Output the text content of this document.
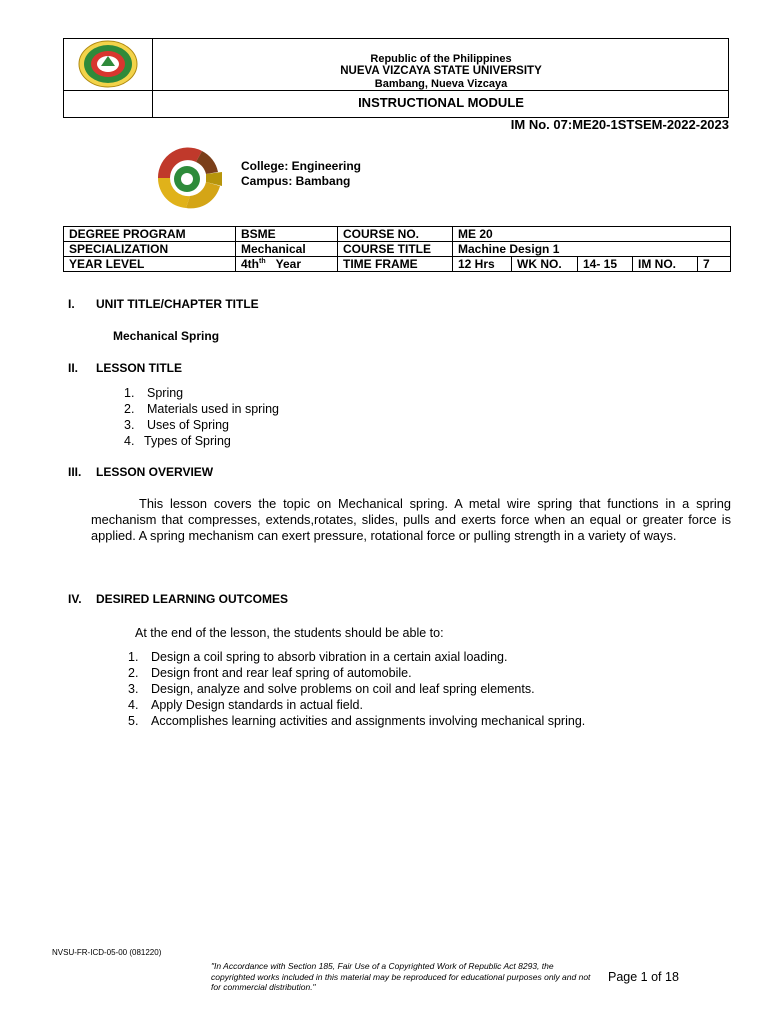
Republic of the Philippines
NUEVA VIZCAYA STATE UNIVERSITY
Bambang, Nueva Vizcaya
INSTRUCTIONAL MODULE
IM No. 07:ME20-1STSEM-2022-2023
College: Engineering
Campus: Bambang
DEGREE PROGRAM	BSME	COURSE NO.	ME 20				
SPECIALIZATION	Mechanical	COURSE TITLE	Machine Design 1				
YEAR LEVEL	$4th^{th}$ Year	TIME FRAME	12 Hrs	WK NO.	14- 15	IM NO.	7
I. UNIT TITLE/CHAPTER TITLE
Mechanical Spring
II. LESSON TITLE
1. Spring
2. Materials used in spring
3. Uses of Spring
4. Types of Spring
III. LESSON OVERVIEW
This lesson covers the topic on Mechanical spring. A metal wire spring that functions in a spring mechanism that compresses, extends,rotates, slides, pulls and exerts force when an equal or greater force is applied. A spring mechanism can exert pressure, rotational force or pulling strength in a variety of ways.
IV. DESIRED LEARNING OUTCOMES
At the end of the lesson, the students should be able to:
1. Design a coil spring to absorb vibration in a certain axial loading.
2. Design front and rear leaf spring of automobile.
3. Design, analyze and solve problems on coil and leaf spring elements.
4. Apply Design standards in actual field.
5. Accomplishes learning activities and assignments involving mechanical spring.
NVSU-FR-ICD-05-00 (081220)
"In Accordance with Section 185, Fair Use of a Copyrighted Work of Republic Act 8293, the copyrighted works included in this material may be reproduced for educational purposes only and not for commercial distribution."
Page 1 of 18
